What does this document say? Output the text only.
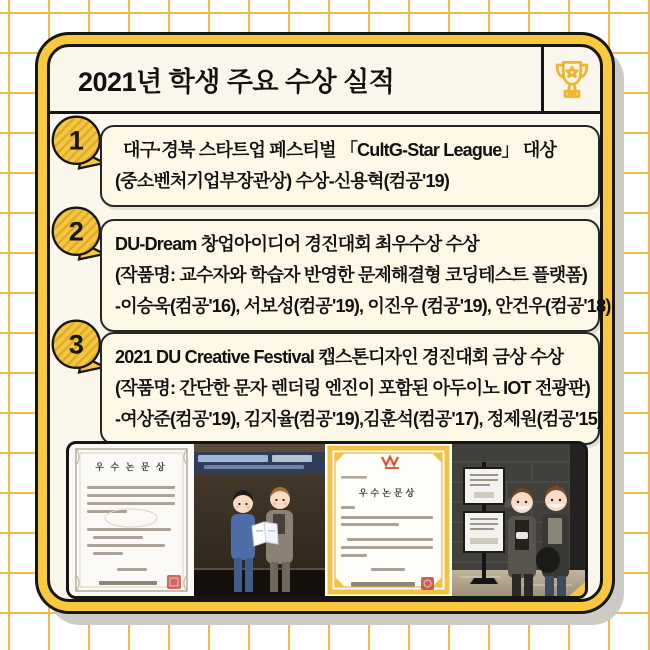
2021년 학생 주요 수상 실적
1	대구·경북 스타트업 페스티벌 「CultG-Star League」 대상
(중소벤처기업부장관상) 수상-신용혁(컴공'19)
2 DU-Dream 창업아이디어 경진대회 최우수상 수상
(작품명: 교수자와 학습자 반영한 문제해결형 코딩테스트 플랫폼)
-이승욱(컴공'16), 서보성(컴공'19), 이진우 (컴공'19), 안건우(컴공'18)
3 2021 DU Creative Festival 캡스톤디자인 경진대회 금상 수상
(작품명: 간단한 문자 렌더링 엔진이 포함된 아두이노 IOT 전광판)
-여상준(컴공'19), 김지율(컴공'19),김훈석(컴공'17), 정제원(컴공'15)
우 수 논 문 상
우수논문상
